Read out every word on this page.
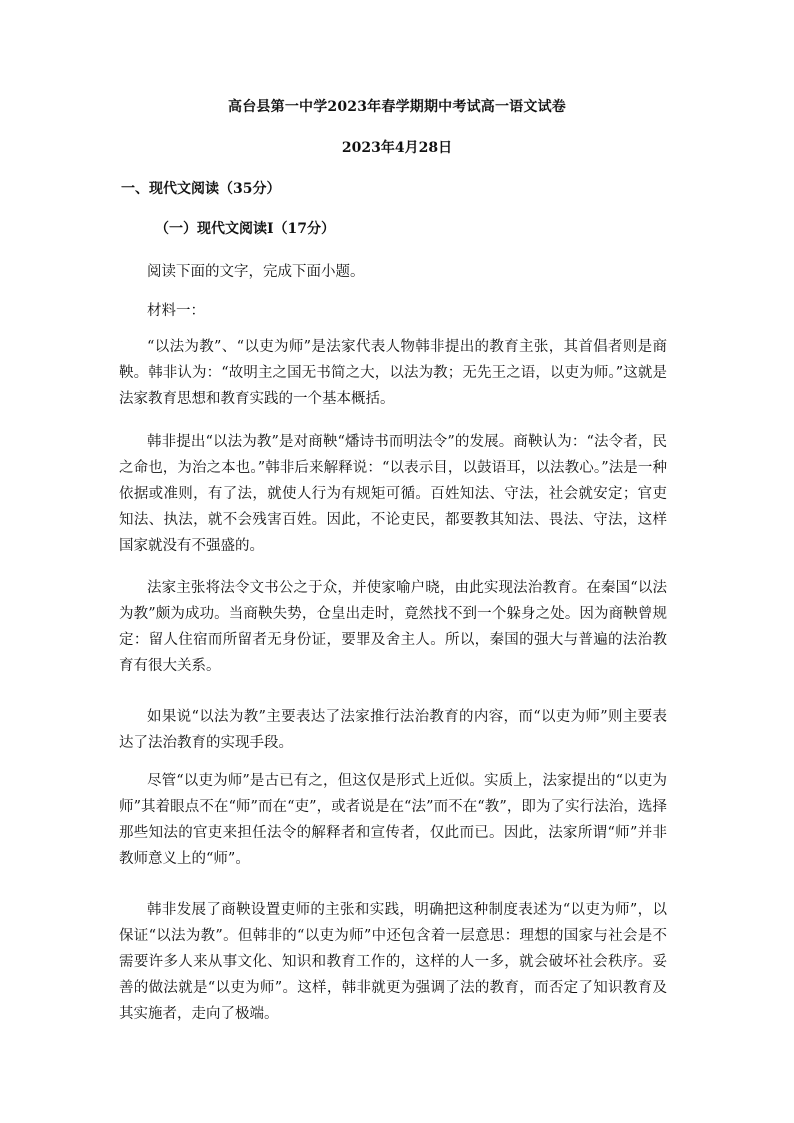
高台县第一中学2023年春学期期中考试高一语文试卷
2023年4月28日
一、现代文阅读（35分）
（一）现代文阅读Ⅰ（17分）
阅读下面的文字，完成下面小题。
材料一：

“以法为教”、“以吏为师”是法家代表人物韩非提出的教育主张，其首倡者则是商鞅。韩非认为：“故明主之国无书简之大，以法为教；无先王之语，以吏为师。”这就是法家教育思想和教育实践的一个基本概括。

韩非提出“以法为教”是对商鞅“燔诗书而明法令”的发展。商鞅认为：“法令者，民之命也，为治之本也。”韩非后来解释说：“以表示目，以鼓语耳，以法教心。”法是一种依据或准则，有了法，就使人行为有规矩可循。百姓知法、守法，社会就安定；官吏知法、执法，就不会残害百姓。因此，不论吏民，都要教其知法、畏法、守法，这样国家就没有不强盛的。

法家主张将法令文书公之于众，并使家喻户晓，由此实现法治教育。在秦国“以法为教”颇为成功。当商鞅失势，仓皇出走时，竟然找不到一个躲身之处。因为商鞅曾规定：留人住宿而所留者无身份证，要罪及舍主人。所以，秦国的强大与普遍的法治教育有很大关系。

如果说“以法为教”主要表达了法家推行法治教育的内容，而“以吏为师”则主要表达了法治教育的实现手段。

尽管“以吏为师”是古已有之，但这仅是形式上近似。实质上，法家提出的“以吏为师”其着眼点不在“师”而在“吏”，或者说是在“法”而不在“教”，即为了实行法治，选择那些知法的官吏来担任法令的解释者和宣传者，仅此而已。因此，法家所谓“师”并非教师意义上的“师”。

韩非发展了商鞅设置吏师的主张和实践，明确把这种制度表述为“以吏为师”，以保证“以法为教”。但韩非的“以吏为师”中还包含着一层意思：理想的国家与社会是不需要许多人来从事文化、知识和教育工作的，这样的人一多，就会破坏社会秩序。妥善的做法就是“以吏为师”。这样，韩非就更为强调了法的教育，而否定了知识教育及其实施者，走向了极端。
